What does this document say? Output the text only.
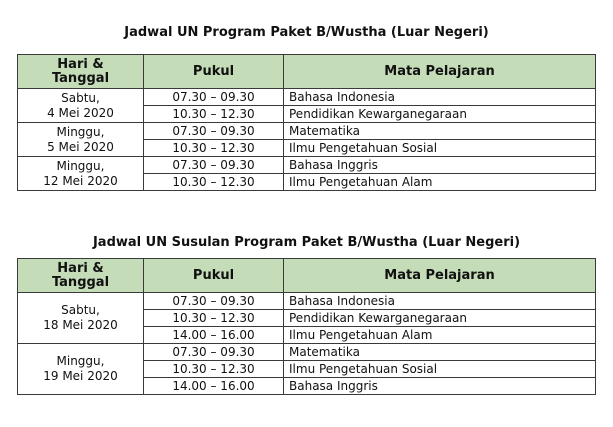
Jadwal UN Program Paket B/Wustha (Luar Negeri)
Hari &
Tanggal	Pukul	Mata Pelajaran

Sabtu,
4 Mei 2020	07.30 – 09.30	Bahasa Indonesia
	10.30 – 12.30	Pendidikan Kewarganegaraan

Minggu,
5 Mei 2020	07.30 – 09.30	Matematika
	10.30 – 12.30	Ilmu Pengetahuan Sosial

Minggu,
12 Mei 2020	07.30 – 09.30	Bahasa Inggris
	10.30 – 12.30	Ilmu Pengetahuan Alam
Jadwal UN Susulan Program Paket B/Wustha (Luar Negeri)
Hari &
Tanggal	Pukul	Mata Pelajaran

Sabtu,
18 Mei 2020	07.30 – 09.30	Bahasa Indonesia
	10.30 – 12.30	Pendidikan Kewarganegaraan
	14.00 – 16.00	Ilmu Pengetahuan Alam

Minggu,
19 Mei 2020	07.30 – 09.30	Matematika
	10.30 – 12.30	Ilmu Pengetahuan Sosial
	14.00 – 16.00	Bahasa Inggris
